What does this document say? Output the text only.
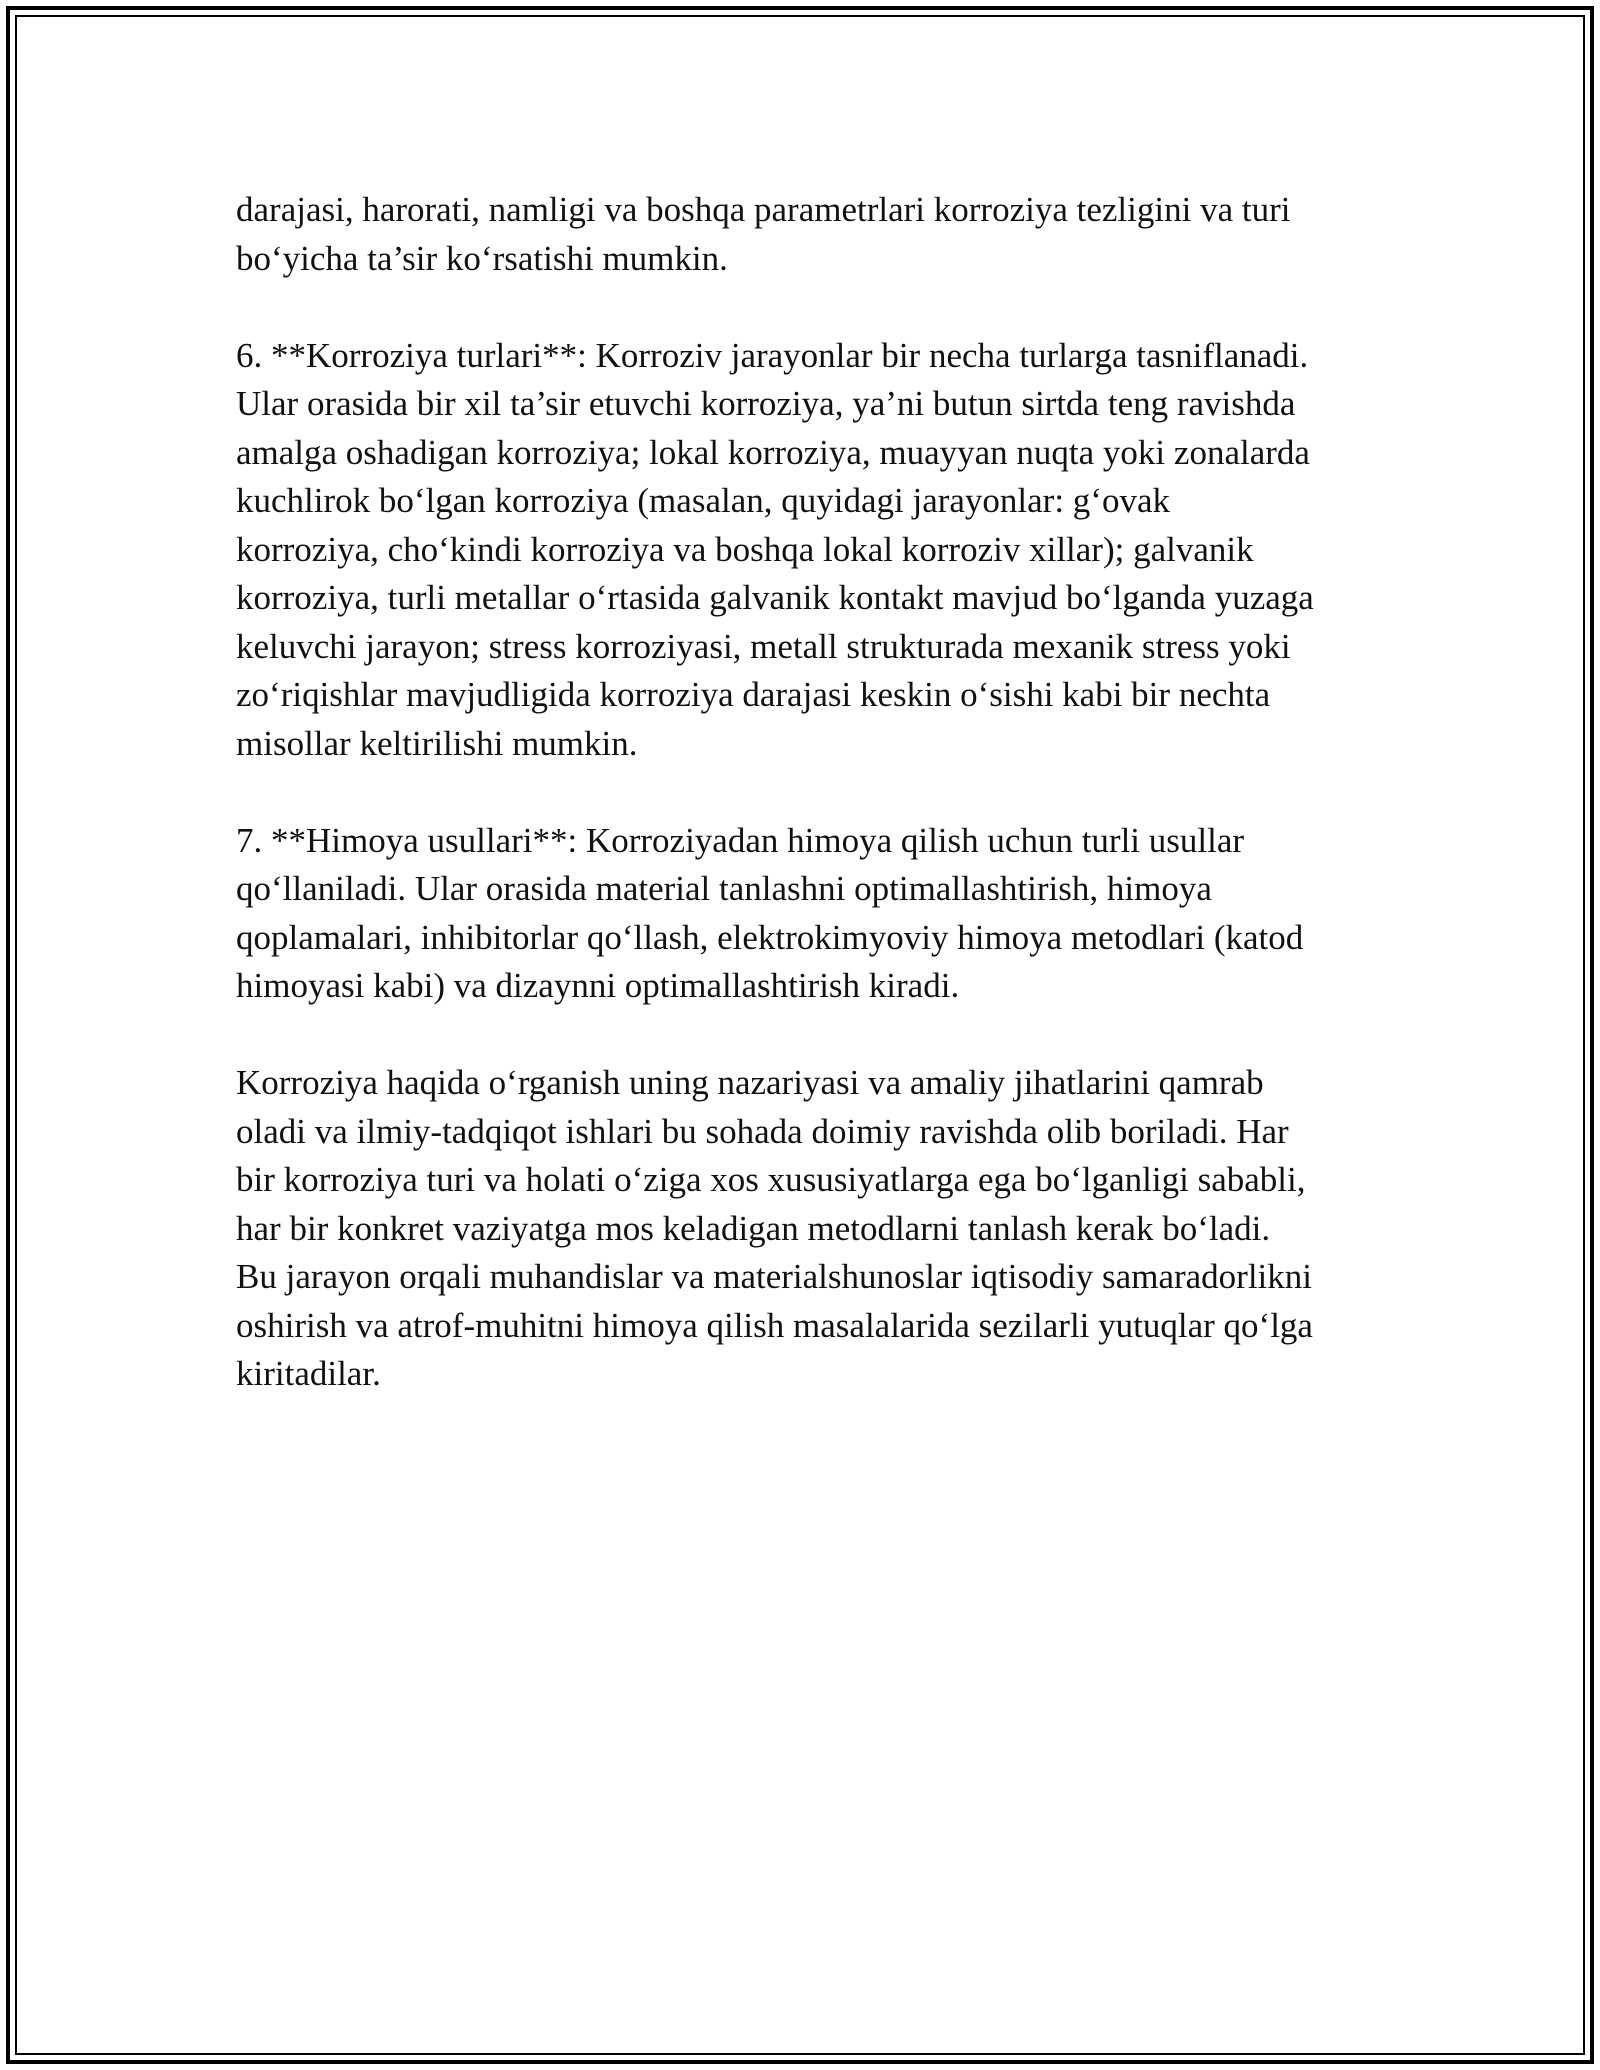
darajasi, harorati, namligi va boshqa parametrlari korroziya tezligini va turi
bo‘yicha ta’sir ko‘rsatishi mumkin.

6. **Korroziya turlari**: Korroziv jarayonlar bir necha turlarga tasniflanadi.
Ular orasida bir xil ta’sir etuvchi korroziya, ya’ni butun sirtda teng ravishda
amalga oshadigan korroziya; lokal korroziya, muayyan nuqta yoki zonalarda
kuchlirok bo‘lgan korroziya (masalan, quyidagi jarayonlar: g‘ovak
korroziya, cho‘kindi korroziya va boshqa lokal korroziv xillar); galvanik
korroziya, turli metallar o‘rtasida galvanik kontakt mavjud bo‘lganda yuzaga
keluvchi jarayon; stress korroziyasi, metall strukturada mexanik stress yoki
zo‘riqishlar mavjudligida korroziya darajasi keskin o‘sishi kabi bir nechta
misollar keltirilishi mumkin.

7. **Himoya usullari**: Korroziyadan himoya qilish uchun turli usullar
qo‘llaniladi. Ular orasida material tanlashni optimallashtirish, himoya
qoplamalari, inhibitorlar qo‘llash, elektrokimyoviy himoya metodlari (katod
himoyasi kabi) va dizaynni optimallashtirish kiradi.

Korroziya haqida o‘rganish uning nazariyasi va amaliy jihatlarini qamrab
oladi va ilmiy-tadqiqot ishlari bu sohada doimiy ravishda olib boriladi. Har
bir korroziya turi va holati o‘ziga xos xususiyatlarga ega bo‘lganligi sababli,
har bir konkret vaziyatga mos keladigan metodlarni tanlash kerak bo‘ladi.
Bu jarayon orqali muhandislar va materialshunoslar iqtisodiy samaradorlikni
oshirish va atrof-muhitni himoya qilish masalalarida sezilarli yutuqlar qo‘lga
kiritadilar.
